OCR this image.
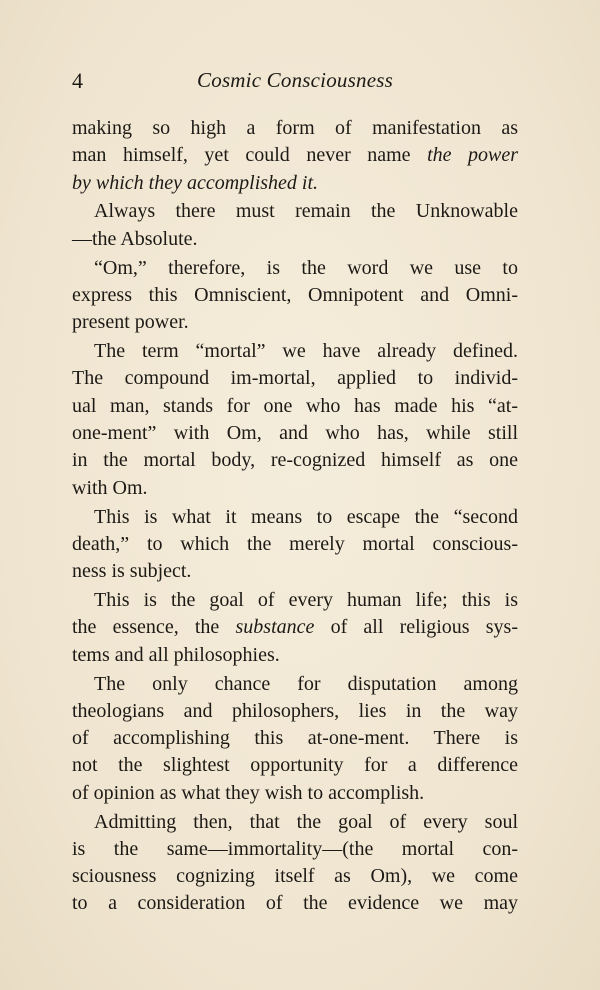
4	Cosmic Consciousness
making so high a form of manifestation as
man himself, yet could never name the power
by which they accomplished it.
Always there must remain the Unknowable
—the Absolute.
“Om,” therefore, is the word we use to
express this Omniscient, Omnipotent and Omni-
present power.
The term “mortal” we have already defined.
The compound im-mortal, applied to individ-
ual man, stands for one who has made his “at-
one-ment” with Om, and who has, while still
in the mortal body, re-cognized himself as one
with Om.
This is what it means to escape the “second
death,” to which the merely mortal conscious-
ness is subject.
This is the goal of every human life; this is
the essence, the substance of all religious sys-
tems and all philosophies.
The only chance for disputation among
theologians and philosophers, lies in the way
of accomplishing this at-one-ment. There is
not the slightest opportunity for a difference
of opinion as what they wish to accomplish.
Admitting then, that the goal of every soul
is the same—immortality—(the mortal con-
sciousness cognizing itself as Om), we come
to a consideration of the evidence we may
